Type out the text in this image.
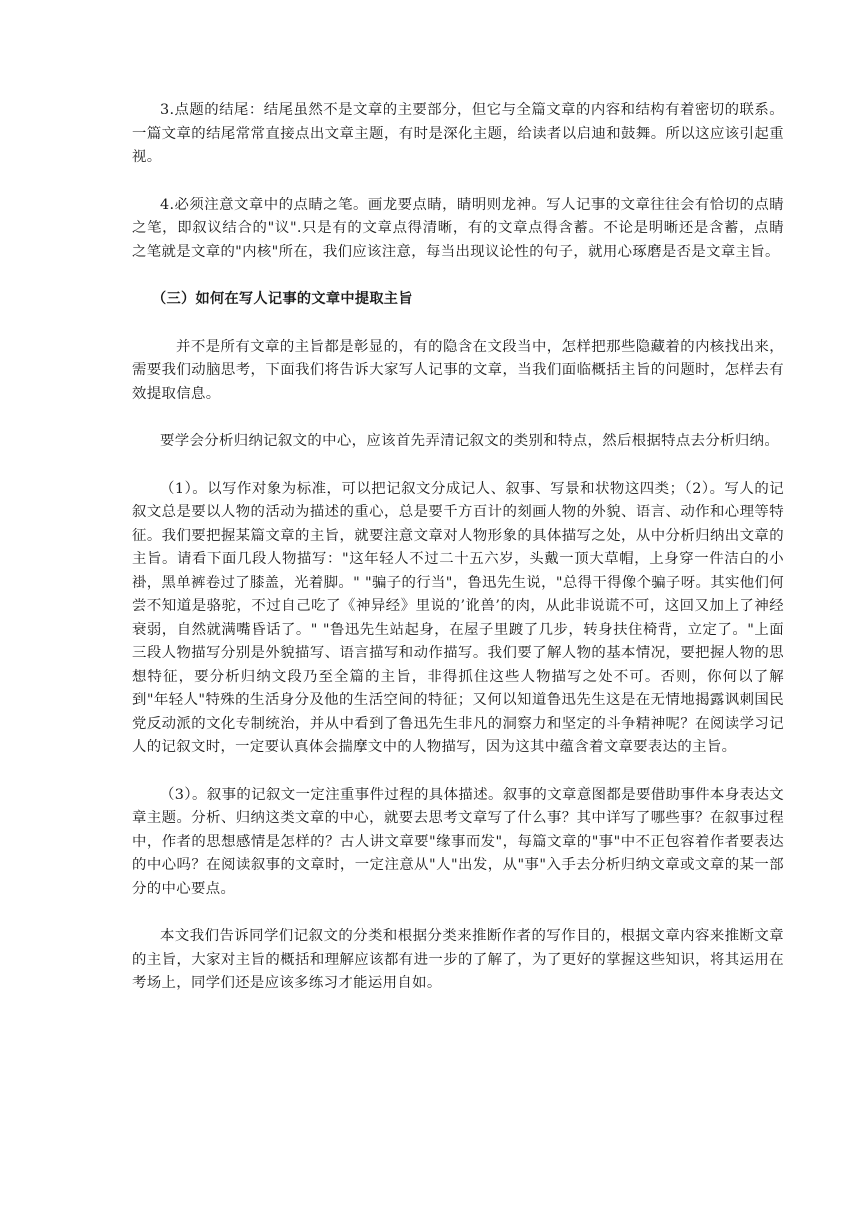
3.点题的结尾：结尾虽然不是文章的主要部分，但它与全篇文章的内容和结构有着密切的联系。一篇文章的结尾常常直接点出文章主题，有时是深化主题，给读者以启迪和鼓舞。所以这应该引起重视。

4.必须注意文章中的点睛之笔。画龙要点睛，睛明则龙神。写人记事的文章往往会有恰切的点睛之笔，即叙议结合的"议".只是有的文章点得清晰，有的文章点得含蓄。不论是明晰还是含蓄，点睛之笔就是文章的"内核"所在，我们应该注意，每当出现议论性的句子，就用心琢磨是否是文章主旨。

（三）如何在写人记事的文章中提取主旨

并不是所有文章的主旨都是彰显的，有的隐含在文段当中，怎样把那些隐藏着的内核找出来，需要我们动脑思考，下面我们将告诉大家写人记事的文章，当我们面临概括主旨的问题时，怎样去有效提取信息。

要学会分析归纳记叙文的中心，应该首先弄清记叙文的类别和特点，然后根据特点去分析归纳。

（1）。以写作对象为标准，可以把记叙文分成记人、叙事、写景和状物这四类；（2）。写人的记叙文总是要以人物的活动为描述的重心，总是要千方百计的刻画人物的外貌、语言、动作和心理等特征。我们要把握某篇文章的主旨，就要注意文章对人物形象的具体描写之处，从中分析归纳出文章的主旨。请看下面几段人物描写："这年轻人不过二十五六岁，头戴一顶大草帽，上身穿一件洁白的小褂，黑单裤卷过了膝盖，光着脚。" "骗子的行当"，鲁迅先生说，"总得干得像个骗子呀。其实他们何尝不知道是骆驼，不过自己吃了《神异经》里说的’讹兽’的肉，从此非说谎不可，这回又加上了神经衰弱，自然就满嘴昏话了。" "鲁迅先生站起身，在屋子里踱了几步，转身扶住椅背，立定了。"上面三段人物描写分别是外貌描写、语言描写和动作描写。我们要了解人物的基本情况，要把握人物的思想特征，要分析归纳文段乃至全篇的主旨，非得抓住这些人物描写之处不可。否则，你何以了解到"年轻人"特殊的生活身分及他的生活空间的特征；又何以知道鲁迅先生这是在无情地揭露讽刺国民党反动派的文化专制统治，并从中看到了鲁迅先生非凡的洞察力和坚定的斗争精神呢？在阅读学习记人的记叙文时，一定要认真体会揣摩文中的人物描写，因为这其中蕴含着文章要表达的主旨。

（3）。叙事的记叙文一定注重事件过程的具体描述。叙事的文章意图都是要借助事件本身表达文章主题。分析、归纳这类文章的中心，就要去思考文章写了什么事？其中详写了哪些事？在叙事过程中，作者的思想感情是怎样的？古人讲文章要"缘事而发"，每篇文章的"事"中不正包容着作者要表达的中心吗？在阅读叙事的文章时，一定注意从"人"出发，从"事"入手去分析归纳文章或文章的某一部分的中心要点。

本文我们告诉同学们记叙文的分类和根据分类来推断作者的写作目的，根据文章内容来推断文章的主旨，大家对主旨的概括和理解应该都有进一步的了解了，为了更好的掌握这些知识，将其运用在考场上，同学们还是应该多练习才能运用自如。
